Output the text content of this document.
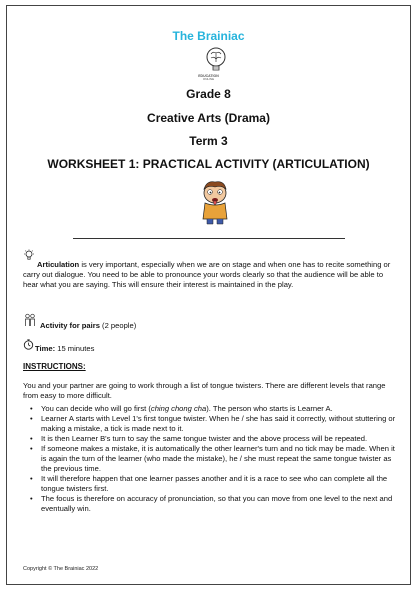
The Brainiac
EDUCATION
ONLINE
Grade 8
Creative Arts (Drama)
Term 3
WORKSHEET 1: PRACTICAL ACTIVITY (ARTICULATION)
Articulation is very important, especially when we are on stage and when one has to recite something or carry out dialogue. You need to be able to pronounce your words clearly so that the audience will be able to hear what you are saying. This will ensure their interest is maintained in the play.
Activity for pairs (2 people)
Time: 15 minutes
INSTRUCTIONS:
You and your partner are going to work through a list of tongue twisters. There are different levels that range from easy to more difficult.
• You can decide who will go first (ching chong cha). The person who starts is Learner A.
• Learner A starts with Level 1's first tongue twister. When he / she has said it correctly, without stuttering or making a mistake, a tick is made next to it.
• It is then Learner B's turn to say the same tongue twister and the above process will be repeated.
• If someone makes a mistake, it is automatically the other learner's turn and no tick may be made. When it is again the turn of the learner (who made the mistake), he / she must repeat the same tongue twister as the previous time.
• It will therefore happen that one learner passes another and it is a race to see who can complete all the tongue twisters first.
• The focus is therefore on accuracy of pronunciation, so that you can move from one level to the next and eventually win.
Copyright © The Brainiac 2022
